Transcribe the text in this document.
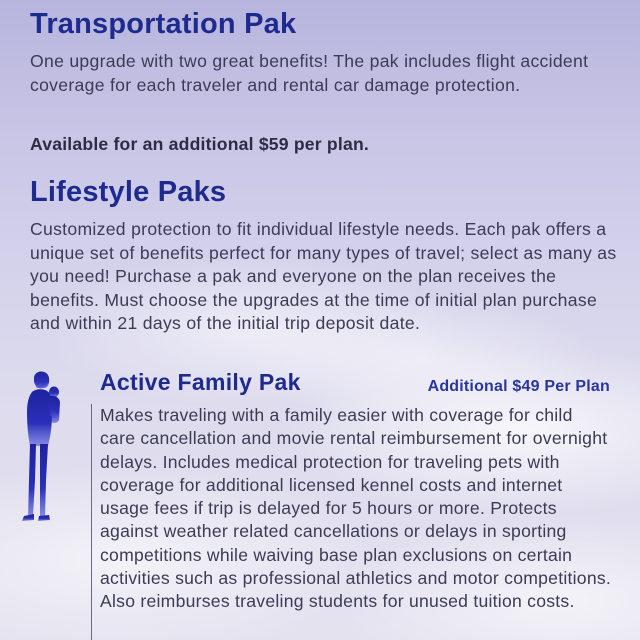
Transportation Pak

One upgrade with two great benefits! The pak includes flight accident coverage for each traveler and rental car damage protection.

Available for an additional $59 per plan.

Lifestyle Paks

Customized protection to fit individual lifestyle needs. Each pak offers a unique set of benefits perfect for many types of travel; select as many as you need! Purchase a pak and everyone on the plan receives the benefits. Must choose the upgrades at the time of initial plan purchase and within 21 days of the initial trip deposit date.

Active Family Pak	Additional $49 Per Plan

Makes traveling with a family easier with coverage for child care cancellation and movie rental reimbursement for overnight delays. Includes medical protection for traveling pets with coverage for additional licensed kennel costs and internet usage fees if trip is delayed for 5 hours or more. Protects against weather related cancellations or delays in sporting competitions while waiving base plan exclusions on certain activities such as professional athletics and motor competitions. Also reimburses traveling students for unused tuition costs.
